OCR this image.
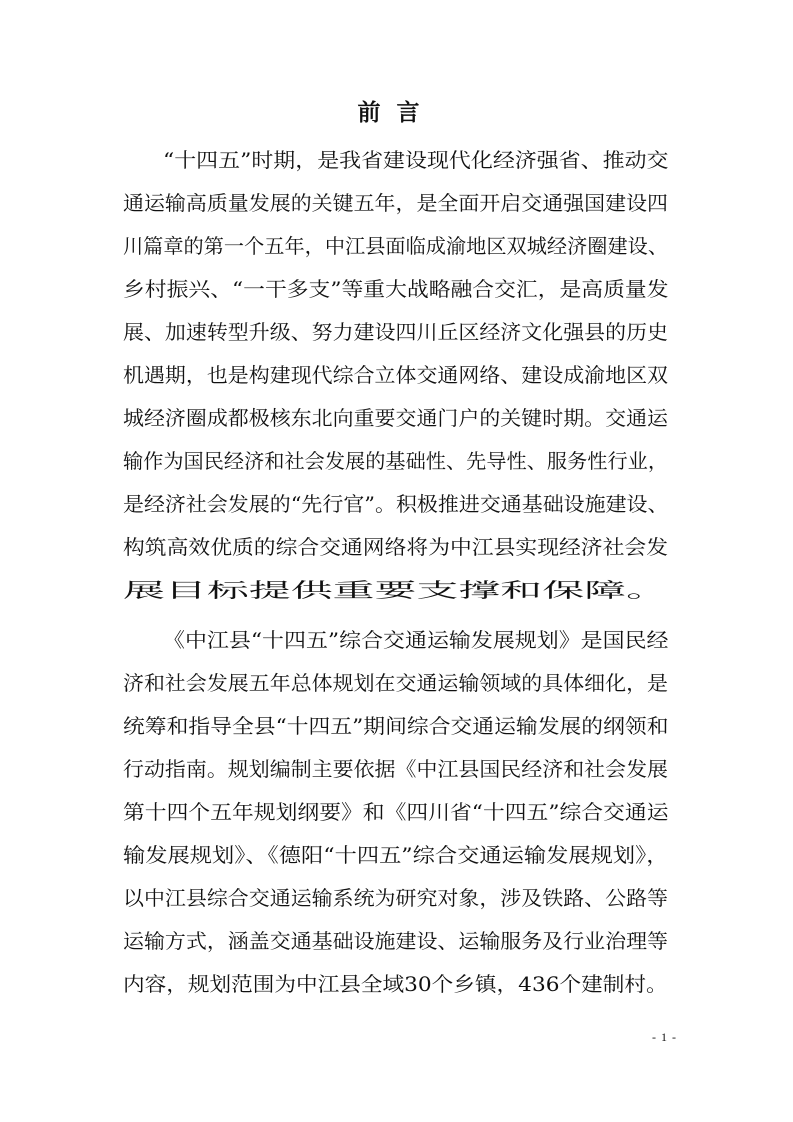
前言
“十四五”时期，是我省建设现代化经济强省、推动交
通运输高质量发展的关键五年，是全面开启交通强国建设四
川篇章的第一个五年，中江县面临成渝地区双城经济圈建设、
乡村振兴、“一干多支”等重大战略融合交汇，是高质量发
展、加速转型升级、努力建设四川丘区经济文化强县的历史
机遇期，也是构建现代综合立体交通网络、建设成渝地区双
城经济圈成都极核东北向重要交通门户的关键时期。交通运
输作为国民经济和社会发展的基础性、先导性、服务性行业，
是经济社会发展的“先行官”。积极推进交通基础设施建设、
构筑高效优质的综合交通网络将为中江县实现经济社会发
展目标提供重要支撑和保障。
《中江县“十四五”综合交通运输发展规划》是国民经
济和社会发展五年总体规划在交通运输领域的具体细化，是
统筹和指导全县“十四五”期间综合交通运输发展的纲领和
行动指南。规划编制主要依据《中江县国民经济和社会发展
第十四个五年规划纲要》和《四川省“十四五”综合交通运
输发展规划》、《德阳“十四五”综合交通运输发展规划》，
以中江县综合交通运输系统为研究对象，涉及铁路、公路等
运输方式，涵盖交通基础设施建设、运输服务及行业治理等
内容，规划范围为中江县全域30个乡镇，436个建制村。
- 1 -
